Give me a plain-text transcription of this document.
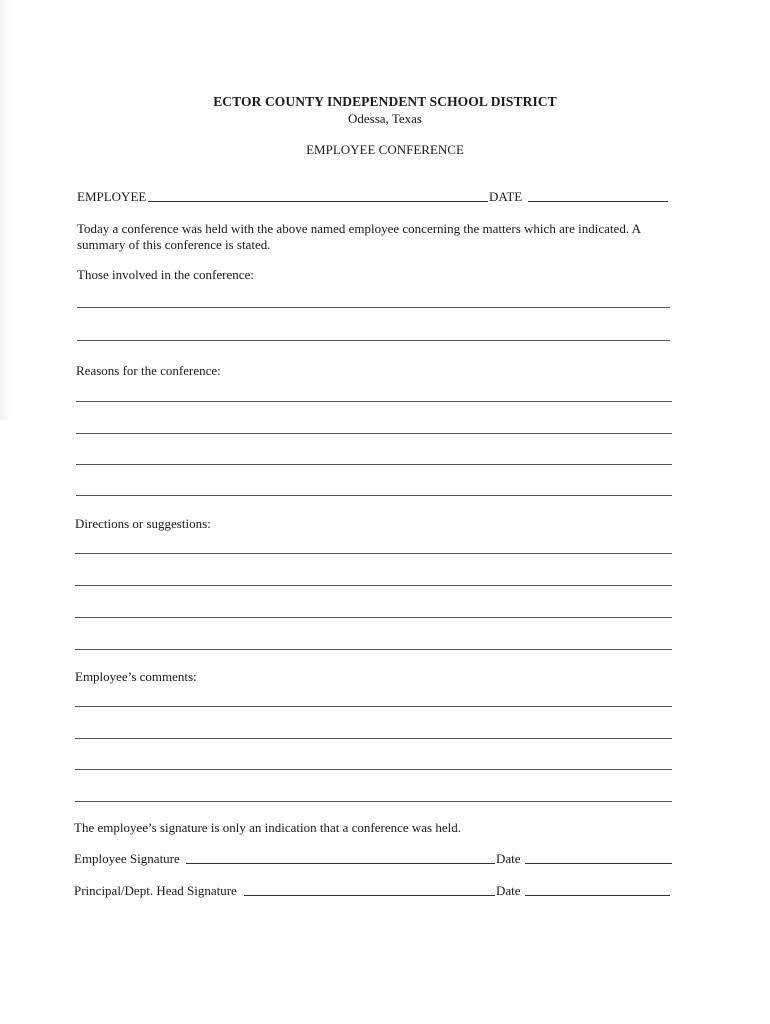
ECTOR COUNTY INDEPENDENT SCHOOL DISTRICT
Odessa, Texas
EMPLOYEE CONFERENCE
EMPLOYEE	DATE
Today a conference was held with the above named employee concerning the matters which are indicated. A summary of this conference is stated.
Those involved in the conference:
Reasons for the conference:
Directions or suggestions:
Employee’s comments:
The employee’s signature is only an indication that a conference was held.
Employee Signature	Date
Principal/Dept. Head Signature	Date
